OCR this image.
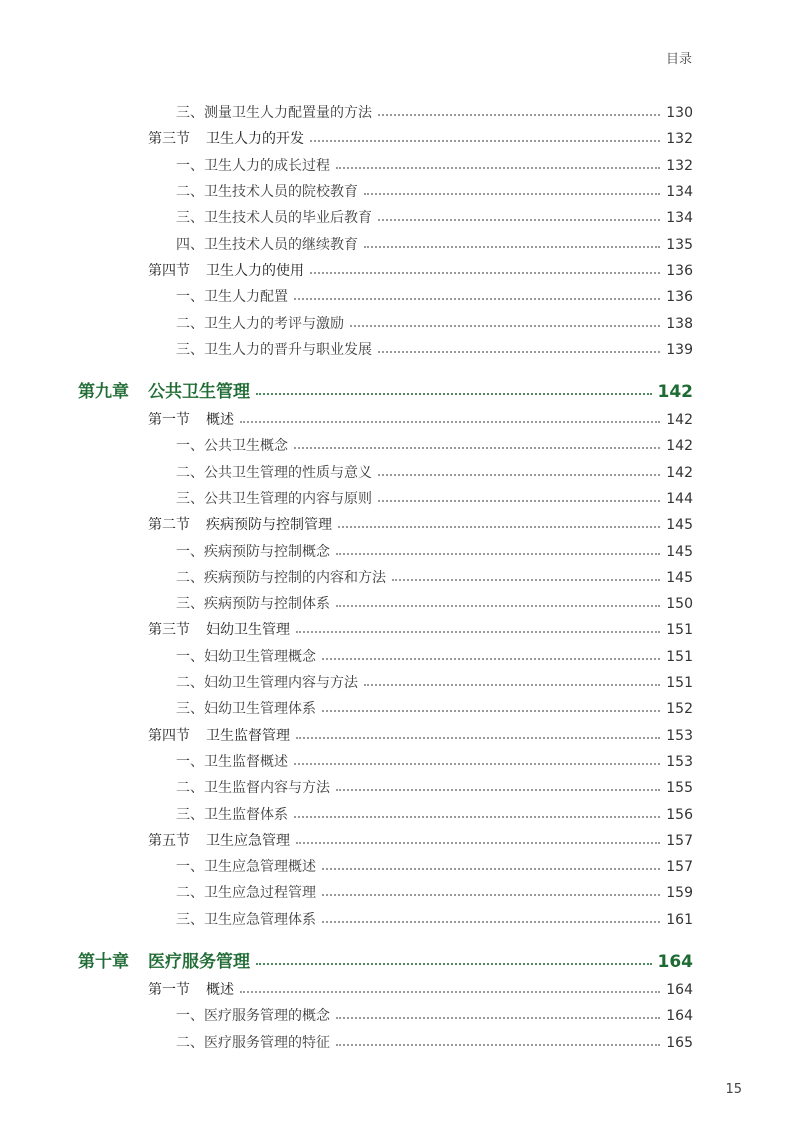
目录
三、测量卫生人力配置量的方法	130
第三节	卫生人力的开发	132
一、卫生人力的成长过程	132
二、卫生技术人员的院校教育	134
三、卫生技术人员的毕业后教育	134
四、卫生技术人员的继续教育	135
第四节	卫生人力的使用	136
一、卫生人力配置	136
二、卫生人力的考评与激励	138
三、卫生人力的晋升与职业发展	139
第九章	公共卫生管理	142
第一节	概述	142
一、公共卫生概念	142
二、公共卫生管理的性质与意义	142
三、公共卫生管理的内容与原则	144
第二节	疾病预防与控制管理	145
一、疾病预防与控制概念	145
二、疾病预防与控制的内容和方法	145
三、疾病预防与控制体系	150
第三节	妇幼卫生管理	151
一、妇幼卫生管理概念	151
二、妇幼卫生管理内容与方法	151
三、妇幼卫生管理体系	152
第四节	卫生监督管理	153
一、卫生监督概述	153
二、卫生监督内容与方法	155
三、卫生监督体系	156
第五节	卫生应急管理	157
一、卫生应急管理概述	157
二、卫生应急过程管理	159
三、卫生应急管理体系	161
第十章	医疗服务管理	164
第一节	概述	164
一、医疗服务管理的概念	164
二、医疗服务管理的特征	165
15
